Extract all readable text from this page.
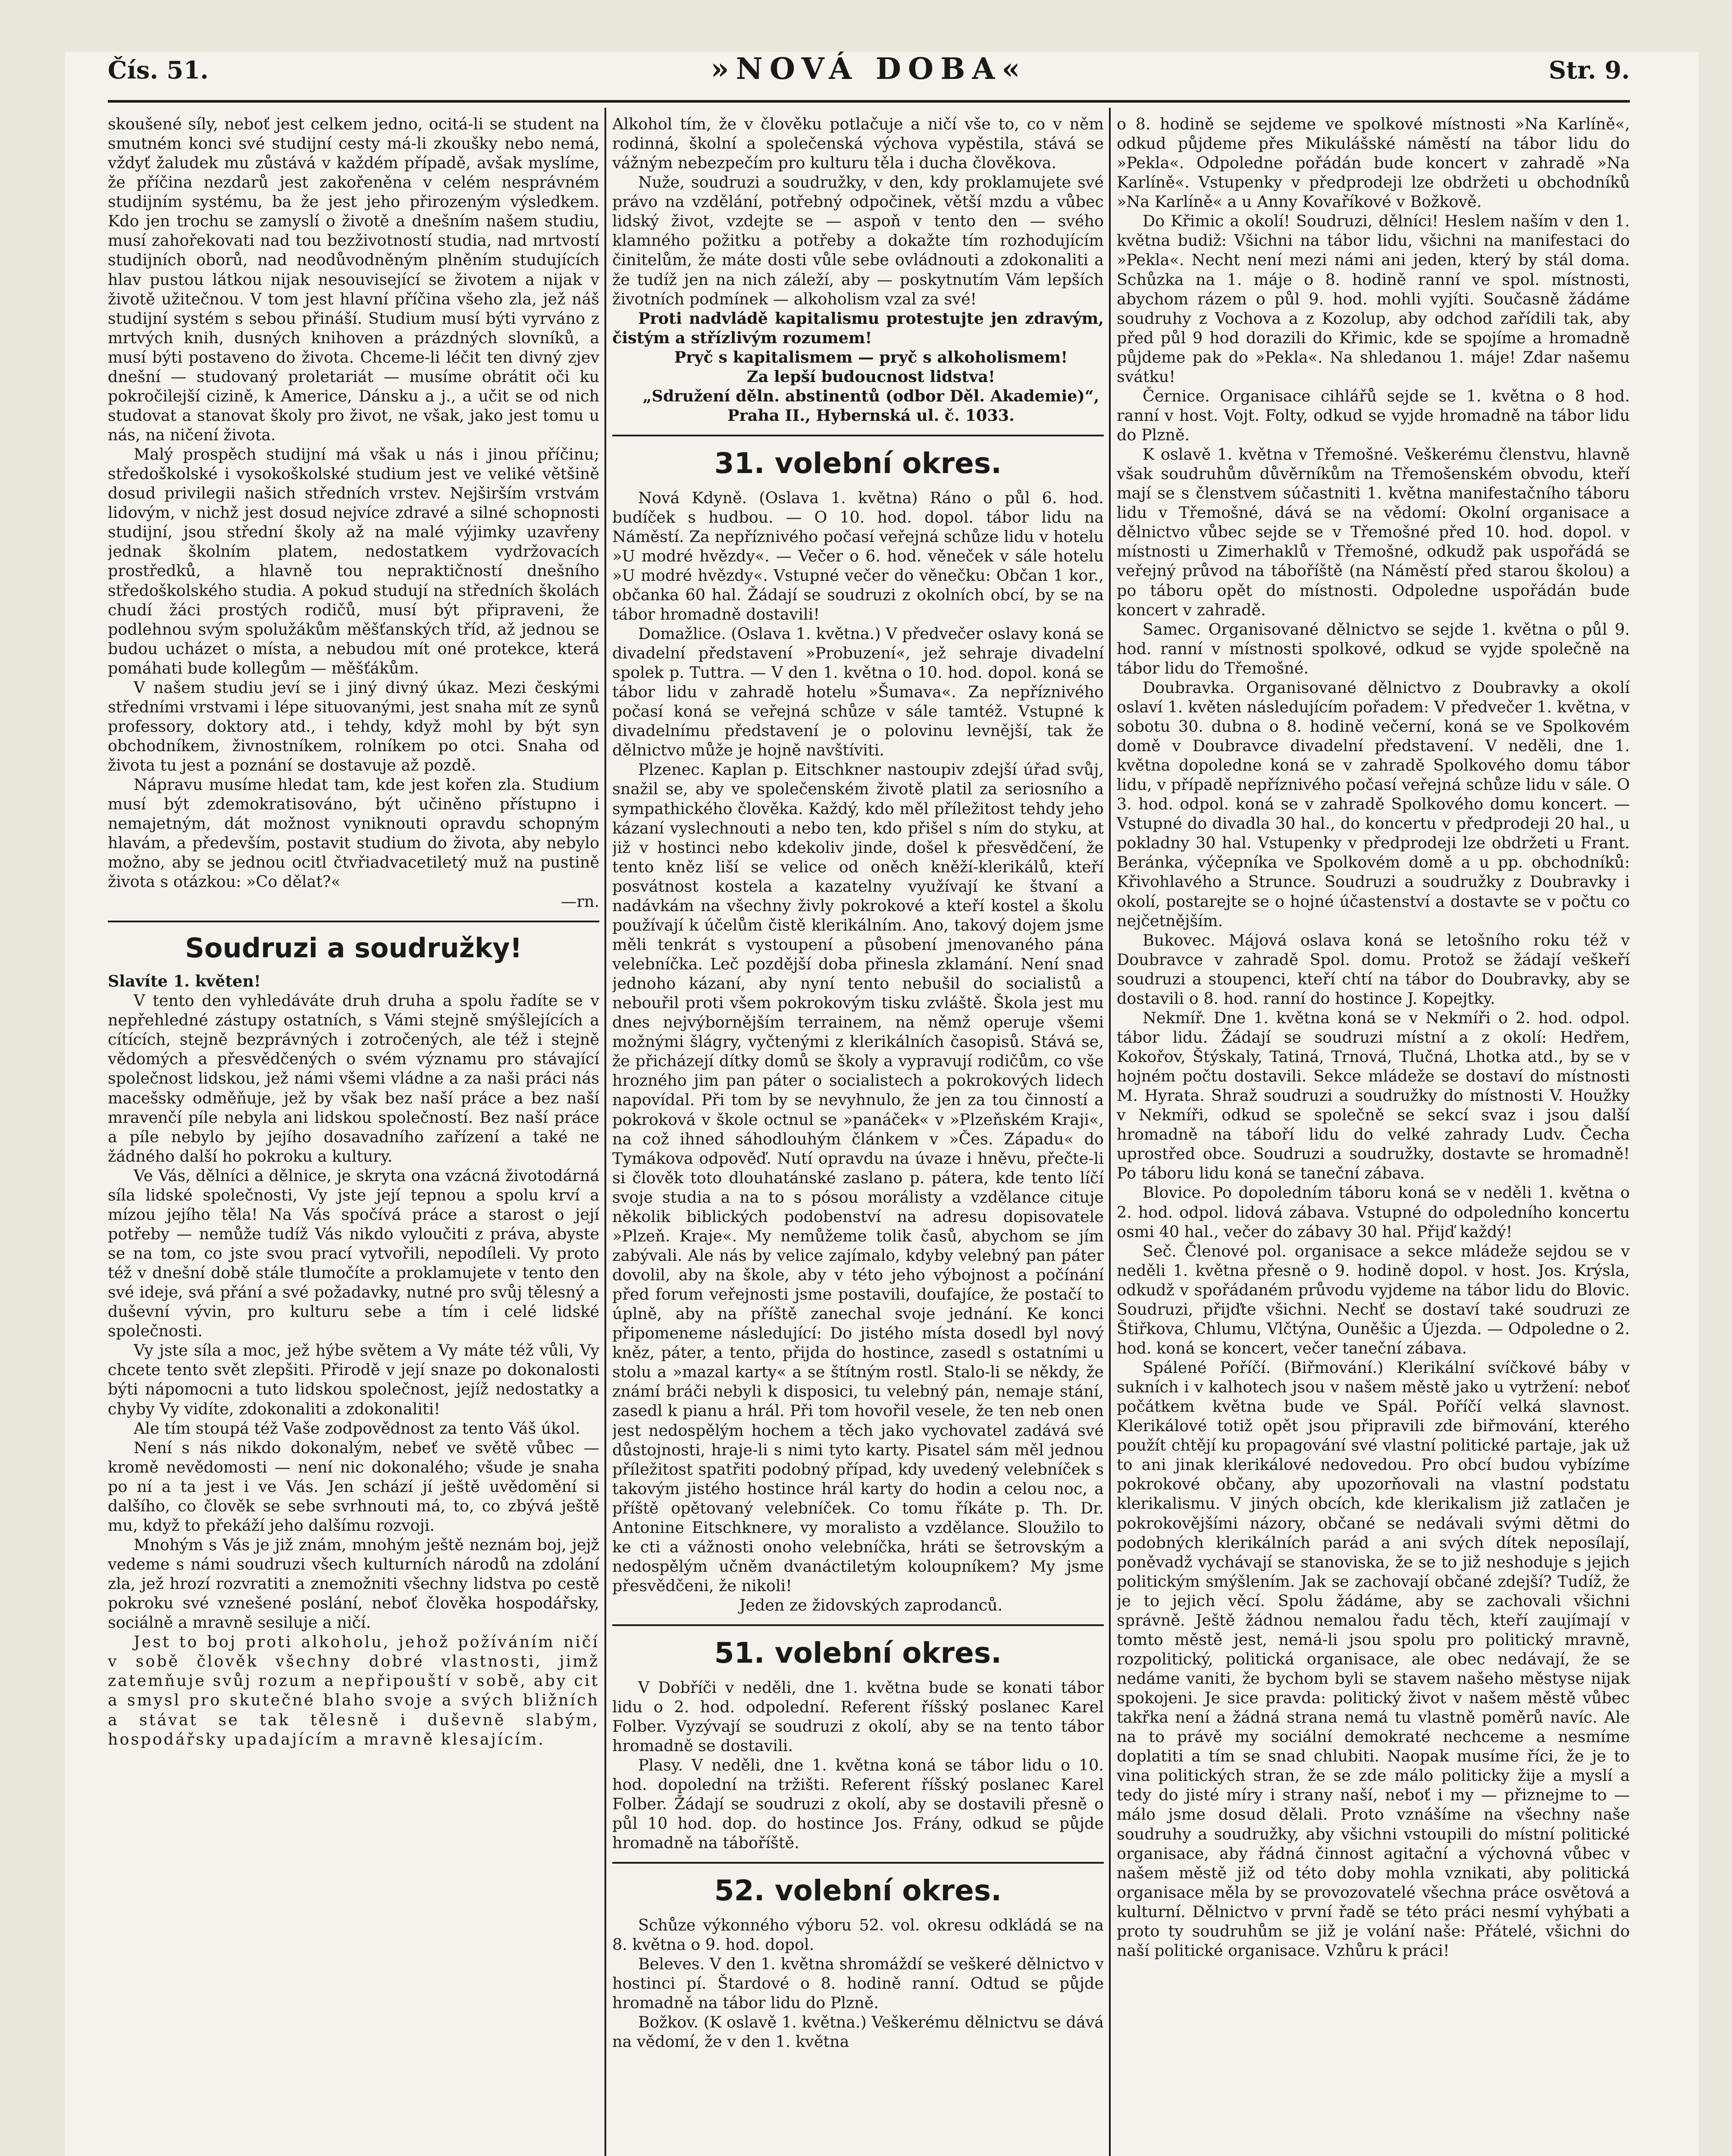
Čís. 51.	»NOVÁ DOBA«	Str. 9.

skoušené síly, neboť jest celkem jedno, ocitá-li se student na smutném konci své studijní cesty má-li zkoušky nebo nemá, vždyť žaludek mu zůstává v každém případě, avšak myslíme, že příčina nezdarů jest zakořeněna v celém nesprávném studijním systému, ba že jest jeho přirozeným výsledkem. Kdo jen trochu se zamyslí o životě a dnešním našem studiu, musí zahořekovati nad tou bezživotností studia, nad mrtvostí studijních oborů, nad neodůvodněným plněním studujících hlav pustou látkou nijak nesouvisející se životem a nijak v životě užitečnou. V tom jest hlavní příčina všeho zla, jež náš studijní systém s sebou přináší. Studium musí býti vyrváno z mrtvých knih, dusných knihoven a prázdných slovníků, a musí býti postaveno do života. Chceme-li léčit ten divný zjev dnešní — studovaný proletariát — musíme obrátit oči ku pokročilejší cizině, k Americe, Dánsku a j., a učit se od nich studovat a stanovat školy pro život, ne však, jako jest tomu u nás, na ničení života.

Malý prospěch studijní má však u nás i jinou příčinu; středoškolské i vysokoškolské studium jest ve veliké většině dosud privilegii našich středních vrstev. Nejširším vrstvám lidovým, v nichž jest dosud nejvíce zdravé a silné schopnosti studijní, jsou střední školy až na malé výjimky uzavřeny jednak školním platem, nedostatkem vydržovacích prostředků, a hlavně tou nepraktičností dnešního středoškolského studia. A pokud studují na středních školách chudí žáci prostých rodičů, musí být připraveni, že podlehnou svým spolužákům měšťanských tříd, až jednou se budou ucházet o místa, a nebudou mít oné protekce, která pomáhati bude kollegům — měšťákům.

V našem studiu jeví se i jiný divný úkaz. Mezi českými středními vrstvami i lépe situovanými, jest snaha mít ze synů professory, doktory atd., i tehdy, když mohl by být syn obchodníkem, živnostníkem, rolníkem po otci. Snaha od života tu jest a poznání se dostavuje až pozdě.

Nápravu musíme hledat tam, kde jest kořen zla. Studium musí být zdemokratisováno, být učiněno přístupno i nemajetným, dát možnost vyniknouti opravdu schopným hlavám, a především, postavit studium do života, aby nebylo možno, aby se jednou ocitl čtvřiadvacetiletý muž na pustině života s otázkou: »Co dělat?«

—rn.

Soudruzi a soudružky!

Slavíte 1. květen!

V tento den vyhledáváte druh druha a spolu řadíte se v nepřehledné zástupy ostatních, s Vámi stejně smýšlejících a cítících, stejně bezprávných i zotročených, ale též i stejně vědomých a přesvědčených o svém významu pro stávající společnost lidskou, jež námi všemi vládne a za naši práci nás macešsky odměňuje, jež by však bez naší práce a bez naší mravenčí píle nebyla ani lidskou společností. Bez naší práce a píle nebylo by jejího dosavadního zařízení a také ne žádného další ho pokroku a kultury.

Ve Vás, dělníci a dělnice, je skryta ona vzácná životodárná síla lidské společnosti, Vy jste její tepnou a spolu krví a mízou jejího těla! Na Vás spočívá práce a starost o její potřeby — nemůže tudíž Vás nikdo vyloučiti z práva, abyste se na tom, co jste svou prací vytvořili, nepodíleli. Vy proto též v dnešní době stále tlumočíte a proklamujete v tento den své ideje, svá přání a své požadavky, nutné pro svůj tělesný a duševní vývin, pro kulturu sebe a tím i celé lidské společnosti.

Vy jste síla a moc, jež hýbe světem a Vy máte též vůli, Vy chcete tento svět zlepšiti. Přirodě v její snaze po dokonalosti býti nápomocni a tuto lidskou společnost, jejíž nedostatky a chyby Vy vidíte, zdokonaliti a zdokonaliti!

Ale tím stoupá též Vaše zodpovědnost za tento Váš úkol.

Není s nás nikdo dokonalým, nebeť ve světě vůbec — kromě nevědomosti — není nic dokonalého; všude je snaha po ní a ta jest i ve Vás. Jen schází jí ještě uvědomění si dalšího, co člověk se sebe svrhnouti má, to, co zbývá ještě mu, když to překáží jeho dalšímu rozvoji.

Mnohým s Vás je již znám, mnohým ještě neznám boj, jejž vedeme s námi soudruzi všech kulturních národů na zdolání zla, jež hrozí rozvratiti a znemožniti všechny lidstva po cestě pokroku své vznešené poslání, neboť člověka hospodářsky, sociálně a mravně sesiluje a ničí.

Jest to boj proti alkoholu, jehož požíváním ničí v sobě člověk všechny dobré vlastnosti, jimž zatemňuje svůj rozum a nepřipouští v sobě, aby cit a smysl pro skutečné blaho svoje a svých bližních a stávat se tak tělesně i duševně slabým, hospodářsky upadajícím a mravně klesajícím.

Alkohol tím, že v člověku potlačuje a ničí vše to, co v něm rodinná, školní a společenská výchova vypěstila, stává se vážným nebezpečím pro kulturu těla i ducha člověkova.

Nuže, soudruzi a soudružky, v den, kdy proklamujete své právo na vzdělání, potřebný odpočinek, větší mzdu a vůbec lidský život, vzdejte se — aspoň v tento den — svého klamného požitku a potřeby a dokažte tím rozhodujícím činitelům, že máte dosti vůle sebe ovládnouti a zdokonaliti a že tudíž jen na nich záleží, aby — poskytnutím Vám lepších životních podmínek — alkoholism vzal za své!

Proti nadvládě kapitalismu protestujte jen zdravým, čistým a střízlivým rozumem!

Pryč s kapitalismem — pryč s alkoholismem!

Za lepší budoucnost lidstva!

„Sdružení děln. abstinentů (odbor Děl. Akademie)“,

Praha II., Hybernská ul. č. 1033.

31. volební okres.

Nová Kdyně. (Oslava 1. května) Ráno o půl 6. hod. budíček s hudbou. — O 10. hod. dopol. tábor lidu na Náměstí. Za nepříznivého počasí veřejná schůze lidu v hotelu »U modré hvězdy«. — Večer o 6. hod. věneček v sále hotelu »U modré hvězdy«. Vstupné večer do věnečku: Občan 1 kor., občanka 60 hal. Žádají se soudruzi z okolních obcí, by se na tábor hromadně dostavili!

Domažlice. (Oslava 1. května.) V předvečer oslavy koná se divadelní představení »Probuzení«, jež sehraje divadelní spolek p. Tuttra. — V den 1. května o 10. hod. dopol. koná se tábor lidu v zahradě hotelu »Šumava«. Za nepříznivého počasí koná se veřejná schůze v sále tamtéž. Vstupné k divadelnímu představení je o polovinu levnější, tak že dělnictvo může je hojně navštíviti.

Plzenec. Kaplan p. Eitschkner nastoupiv zdejší úřad svůj, snažil se, aby ve společenském životě platil za seriosního a sympathického člověka. Každý, kdo měl příležitost tehdy jeho kázaní vyslechnouti a nebo ten, kdo přišel s ním do styku, at již v hostinci nebo kdekoliv jinde, došel k přesvědčení, že tento kněz liší se velice od oněch kněží-klerikálů, kteří posvátnost kostela a kazatelny využívají ke štvaní a nadávkám na všechny živly pokrokové a kteří kostel a školu používají k účelům čistě klerikálním. Ano, takový dojem jsme měli tenkrát s vystoupení a působení jmenovaného pána velebníčka. Leč pozdější doba přinesla zklamání. Není snad jednoho kázaní, aby nyní tento nebušil do socialistů a nebouřil proti všem pokrokovým tisku zvláště. Škola jest mu dnes nejvýbornějším terrainem, na němž operuje všemi možnými šlágry, vyčtenými z klerikálních časopisů. Stává se, že přicházejí dítky domů se školy a vypravují rodičům, co vše hrozného jim pan páter o socialistech a pokrokových lidech napovídal. Při tom by se nevyhnulo, že jen za tou činností a pokroková v škole octnul se »panáček« v »Plzeňském Kraji«, na což ihned sáhodlouhým článkem v »Čes. Západu« do Tymákova odpověď. Nutí opravdu na úvaze i hněvu, přečte-li si člověk toto dlouhatánské zaslano p. pátera, kde tento líčí svoje studia a na to s pósou morálisty a vzdělance cituje několik biblických podobenství na adresu dopisovatele »Plzeň. Kraje«. My nemůžeme tolik časů, abychom se jím zabývali. Ale nás by velice zajímalo, kdyby velebný pan páter dovolil, aby na škole, aby v této jeho výbojnost a počínání před forum veřejnosti jsme postavili, doufajíce, že postačí to úplně, aby na příště zanechal svoje jednání. Ke konci připomeneme následující: Do jistého místa dosedl byl nový kněz, páter, a tento, přijda do hostince, zasedl s ostatními u stolu a »mazal karty« a se štítným rostl. Stalo-li se někdy, že známí bráči nebyli k disposici, tu velebný pán, nemaje stání, zasedl k pianu a hrál. Při tom hovořil vesele, že ten neb onen jest nedospělým hochem a těch jako vychovatel zadává své důstojnosti, hraje-li s nimi tyto karty. Pisatel sám měl jednou příležitost spatřiti podobný případ, kdy uvedený velebníček s takovým jistého hostince hrál karty do hodin a celou noc, a příště opětovaný velebníček. Co tomu říkáte p. Th. Dr. Antonine Eitschknere, vy moralisto a vzdělance. Sloužilo to ke cti a vážnosti onoho velebníčka, hráti se šetrovským a nedospělým učněm dvanáctiletým koloupníkem? My jsme přesvědčeni, že nikoli!

Jeden ze židovských zaprodanců.

51. volební okres.

V Dobříči v neděli, dne 1. května bude se konati tábor lidu o 2. hod. odpolední. Referent říšský poslanec Karel Folber. Vyzývají se soudruzi z okolí, aby se na tento tábor hromadně se dostavili.

Plasy. V neděli, dne 1. května koná se tábor lidu o 10. hod. dopolední na tržišti. Referent říšský poslanec Karel Folber. Žádají se soudruzi z okolí, aby se dostavili přesně o půl 10 hod. dop. do hostince Jos. Frány, odkud se půjde hromadně na táboříště.

52. volební okres.

Schůze výkonného výboru 52. vol. okresu odkládá se na 8. května o 9. hod. dopol.

Beleves. V den 1. května shromáždí se veškeré dělnictvo v hostinci pí. Štardové o 8. hodině ranní. Odtud se půjde hromadně na tábor lidu do Plzně.

Božkov. (K oslavě 1. května.) Veškerému dělnictvu se dává na vědomí, že v den 1. května

o 8. hodině se sejdeme ve spolkové místnosti »Na Karlíně«, odkud půjdeme přes Mikulášské náměstí na tábor lidu do »Pekla«. Odpoledne pořádán bude koncert v zahradě »Na Karlíně«. Vstupenky v předprodeji lze obdržeti u obchodníků »Na Karlíně« a u Anny Kovaříkové v Božkově.

Do Křimic a okolí! Soudruzi, dělníci! Heslem naším v den 1. května budiž: Všichni na tábor lidu, všichni na manifestaci do »Pekla«. Necht není mezi námi ani jeden, který by stál doma. Schůzka na 1. máje o 8. hodině ranní ve spol. místnosti, abychom rázem o půl 9. hod. mohli vyjíti. Současně žádáme soudruhy z Vochova a z Kozolup, aby odchod zařídili tak, aby před půl 9 hod dorazili do Křimic, kde se spojíme a hromadně půjdeme pak do »Pekla«. Na shledanou 1. máje! Zdar našemu svátku!

Černice. Organisace cihlářů sejde se 1. května o 8 hod. ranní v host. Vojt. Folty, odkud se vyjde hromadně na tábor lidu do Plzně.

K oslavě 1. května v Třemošné. Veškerému členstvu, hlavně však soudruhům důvěrníkům na Třemošenském obvodu, kteří mají se s členstvem súčastniti 1. května manifestačního táboru lidu v Třemošné, dává se na vědomí: Okolní organisace a dělnictvo vůbec sejde se v Třemošné před 10. hod. dopol. v místnosti u Zimerhaklů v Třemošné, odkudž pak uspořádá se veřejný průvod na táboříště (na Náměstí před starou školou) a po táboru opět do místnosti. Odpoledne uspořádán bude koncert v zahradě.

Samec. Organisované dělnictvo se sejde 1. května o půl 9. hod. ranní v místnosti spolkové, odkud se vyjde společně na tábor lidu do Třemošné.

Doubravka. Organisované dělnictvo z Doubravky a okolí oslaví 1. květen následujícím pořadem: V předvečer 1. května, v sobotu 30. dubna o 8. hodině večerní, koná se ve Spolkovém domě v Doubravce divadelní představení. V neděli, dne 1. května dopoledne koná se v zahradě Spolkového domu tábor lidu, v případě nepříznivého počasí veřejná schůze lidu v sále. O 3. hod. odpol. koná se v zahradě Spolkového domu koncert. — Vstupné do divadla 30 hal., do koncertu v předprodeji 20 hal., u pokladny 30 hal. Vstupenky v předprodeji lze obdržeti u Frant. Beránka, výčepníka ve Spolkovém domě a u pp. obchodníků: Křivohlavého a Strunce. Soudruzi a soudružky z Doubravky i okolí, postarejte se o hojné účastenství a dostavte se v počtu co nejčetnějším.

Bukovec. Májová oslava koná se letošního roku též v Doubravce v zahradě Spol. domu. Protož se žádají veškeří soudruzi a stoupenci, kteří chtí na tábor do Doubravky, aby se dostavili o 8. hod. ranní do hostince J. Kopejtky.

Nekmíř. Dne 1. května koná se v Nekmíři o 2. hod. odpol. tábor lidu. Žádají se soudruzi místní a z okolí: Hedřem, Kokořov, Štýskaly, Tatiná, Trnová, Tlučná, Lhotka atd., by se v hojném počtu dostavili. Sekce mládeže se dostaví do místnosti M. Hyrata. Shraž soudruzi a soudružky do místnosti V. Houžky v Nekmíři, odkud se společně se sekcí svaz i jsou další hromadně na táboří lidu do velké zahrady Ludv. Čecha uprostřed obce. Soudruzi a soudružky, dostavte se hromadně! Po táboru lidu koná se taneční zábava.

Blovice. Po dopoledním táboru koná se v neděli 1. května o 2. hod. odpol. lidová zábava. Vstupné do odpoledního koncertu osmi 40 hal., večer do zábavy 30 hal. Přijď každý!

Seč. Členové pol. organisace a sekce mládeže sejdou se v neděli 1. května přesně o 9. hodině dopol. v host. Jos. Krýsla, odkudž v spořádaném průvodu vyjdeme na tábor lidu do Blovic. Soudruzi, přijďte všichni. Nechť se dostaví také soudruzi ze Štiřkova, Chlumu, Vlčtýna, Ouněšic a Újezda. — Odpoledne o 2. hod. koná se koncert, večer taneční zábava.

Spálené Poříčí. (Biřmování.) Klerikální svíčkové báby v sukních i v kalhotech jsou v našem městě jako u vytržení: neboť počátkem května bude ve Spál. Poříčí velká slavnost. Klerikálové totiž opět jsou připravili zde biřmování, kterého použít chtějí ku propagování své vlastní politické partaje, jak už to ani jinak klerikálové nedovedou. Pro obcí budou vybízíme pokrokové občany, aby upozorňovali na vlastní podstatu klerikalismu. V jiných obcích, kde klerikalism již zatlačen je pokrokovějšími názory, občané se nedávali svými dětmi do podobných klerikálních parád a ani svých dítek neposílají, poněvadž vychávají se stanoviska, že se to již neshoduje s jejich politickým smýšlením. Jak se zachovají občané zdejší? Tudíž, že je to jejich věcí. Spolu žádáme, aby se zachovali všichni správně. Ještě žádnou nemalou řadu těch, kteří zaujímají v tomto městě jest, nemá-li jsou spolu pro politický mravně, rozpolitický, politická organisace, ale obec nedávají, že se nedáme vaniti, že bychom byli se stavem našeho městyse nijak spokojeni. Je sice pravda: politický život v našem městě vůbec takřka není a žádná strana nemá tu vlastně poměrů navíc. Ale na to právě my sociální demokraté nechceme a nesmíme doplatiti a tím se snad chlubiti. Naopak musíme říci, že je to vina politických stran, že se zde málo politicky žije a myslí a tedy do jisté míry i strany naší, neboť i my — přiznejme to — málo jsme dosud dělali. Proto vznášíme na všechny naše soudruhy a soudružky, aby všichni vstoupili do místní politické organisace, aby řádná činnost agitační a výchovná vůbec v našem městě již od této doby mohla vznikati, aby politická organisace měla by se provozovatelé všechna práce osvětová a kulturní. Dělnictvo v první řadě se této práci nesmí vyhýbati a proto ty soudruhům se již je volání naše: Přátelé, všichni do naší politické organisace. Vzhůru k práci!
